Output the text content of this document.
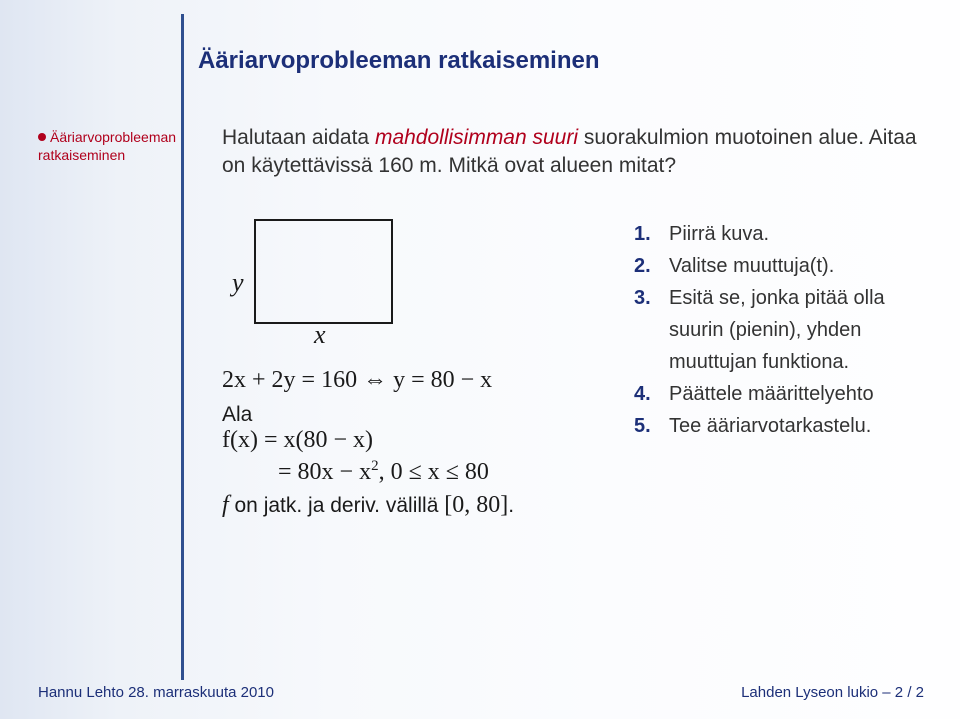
Ääriarvoprobleeman ratkaiseminen
Ääriarvoprobleeman ratkaiseminen
Halutaan aidata mahdollisimman suuri suorakulmion muotoinen alue. Aitaa on käytettävissä 160 m. Mitkä ovat alueen mitat?
y
x
2x + 2y = 160 ⇔ y = 80 − x
Ala
f(x) = x(80 − x)
= $80x - x^2$, 0 ≤ x ≤ 80
f on jatk. ja deriv. välillä [0, 80].
1. Piirrä kuva.
2. Valitse muuttuja(t).
3. Esitä se, jonka pitää olla suurin (pienin), yhden muuttujan funktiona.
4. Päättele määrittelyehto
5. Tee ääriarvotarkastelu.
Hannu Lehto 28. marraskuuta 2010	Lahden Lyseon lukio – 2 / 2
